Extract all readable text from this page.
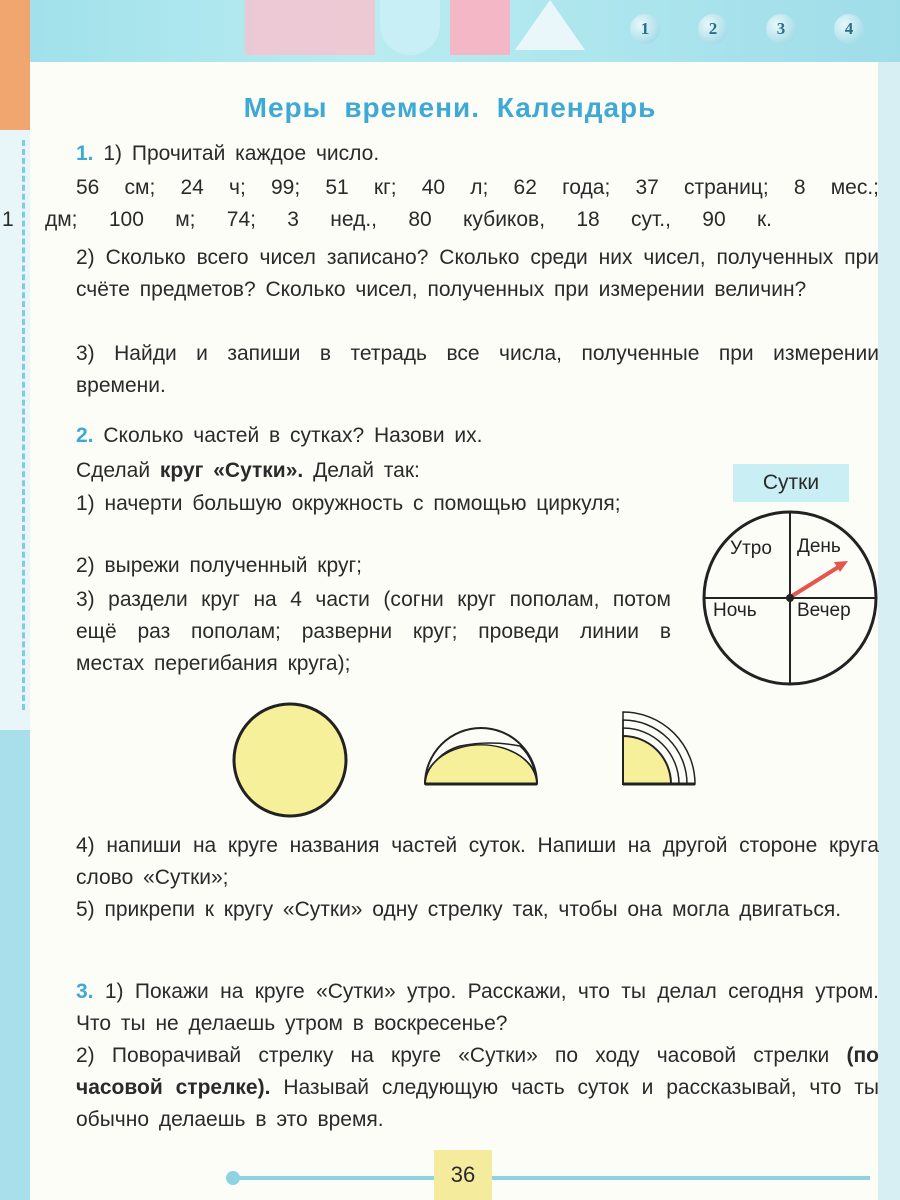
1	2	3	4
Меры времени. Календарь
1. 1) Прочитай каждое число.
56 см; 24 ч; 99; 51 кг; 40 л; 62 года; 37 страниц; 8 мес.;
1 дм; 100 м; 74; 3 нед., 80 кубиков, 18 сут., 90 к.
2) Сколько всего чисел записано? Сколько среди них чисел, полученных при счёте предметов? Сколько чисел, полученных при измерении величин?
3) Найди и запиши в тетрадь все числа, полученные при измерении времени.
2. Сколько частей в сутках? Назови их.
Сделай круг «Сутки». Делай так:
1) начерти большую окружность с помощью циркуля;
2) вырежи полученный круг;
3) раздели круг на 4 части (согни круг пополам, потом ещё раз пополам; разверни круг; проведи линии в местах перегибания круга);
Сутки
Утро День
Ночь Вечер
4) напиши на круге названия частей суток. Напиши на другой стороне круга слово «Сутки»;
5) прикрепи к кругу «Сутки» одну стрелку так, чтобы она могла двигаться.
3. 1) Покажи на круге «Сутки» утро. Расскажи, что ты делал сегодня утром. Что ты не делаешь утром в воскресенье?
2) Поворачивай стрелку на круге «Сутки» по ходу часовой стрелки (по часовой стрелке). Называй следующую часть суток и рассказывай, что ты обычно делаешь в это время.
36
